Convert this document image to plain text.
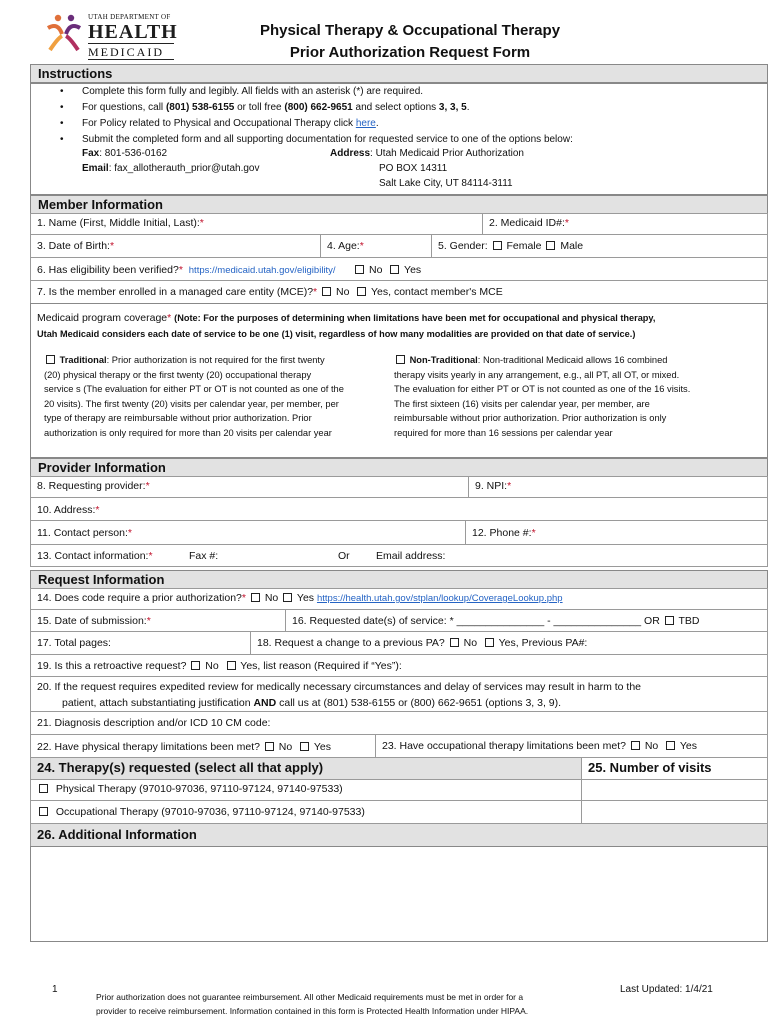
UTAH DEPARTMENT OF
HEALTH
MEDICAID
Physical Therapy & Occupational Therapy
Prior Authorization Request Form
Instructions
Complete this form fully and legibly. All fields with an asterisk (*) are required.
For questions, call (801) 538-6155 or toll free (800) 662-9651 and select options 3, 3, 5.
For Policy related to Physical and Occupational Therapy click here.
Submit the completed form and all supporting documentation for requested service to one of the options below:
Fax: 801-536-0162
Email: fax_allotherauth_prior@utah.gov
Address: Utah Medicaid Prior Authorization
PO BOX 14311
Salt Lake City, UT 84114-3111
Member Information
1. Name (First, Middle Initial, Last):*	2. Medicaid ID#:*
3. Date of Birth:*	4. Age:*	5. Gender: Female Male
6. Has eligibility been verified?* https://medicaid.utah.gov/eligibility/	No Yes
7. Is the member enrolled in a managed care entity (MCE)?* No Yes, contact member's MCE
Medicaid program coverage* (Note: For the purposes of determining when limitations have been met for occupational and physical therapy,
Utah Medicaid considers each date of service to be one (1) visit, regardless of how many modalities are provided on that date of service.)
Traditional: Prior authorization is not required for the first twenty
(20) physical therapy or the first twenty (20) occupational therapy
service s (The evaluation for either PT or OT is not counted as one of the
20 visits). The first twenty (20) visits per calendar year, per member, per
type of therapy are reimbursable without prior authorization. Prior
authorization is only required for more than 20 visits per calendar year
Non-Traditional: Non-traditional Medicaid allows 16 combined
therapy visits yearly in any arrangement, e.g., all PT, all OT, or mixed.
The evaluation for either PT or OT is not counted as one of the 16 visits.
The first sixteen (16) visits per calendar year, per member, are
reimbursable without prior authorization. Prior authorization is only
required for more than 16 sessions per calendar year
Provider Information
8. Requesting provider:*	9. NPI:*
10. Address:*
11. Contact person:*	12. Phone #:*
13. Contact information:*	Fax #:	Or	Email address:
Request Information
14. Does code require a prior authorization?* No Yes https://health.utah.gov/stplan/lookup/CoverageLookup.php
15. Date of submission:*	16. Requested date(s) of service: * _______________ - _______________ OR TBD
17. Total pages:	18. Request a change to a previous PA? No Yes, Previous PA#:
19. Is this a retroactive request? No Yes, list reason (Required if “Yes”):
20. If the request requires expedited review for medically necessary circumstances and delay of services may result in harm to the
patient, attach substantiating justification AND call us at (801) 538-6155 or (800) 662-9651 (options 3, 3, 9).
21. Diagnosis description and/or ICD 10 CM code:
22. Have physical therapy limitations been met? No Yes	23. Have occupational therapy limitations been met? No Yes
24. Therapy(s) requested (select all that apply)	25. Number of visits
Physical Therapy (97010-97036, 97110-97124, 97140-97533)
Occupational Therapy (97010-97036, 97110-97124, 97140-97533)
26. Additional Information
1
Prior authorization does not guarantee reimbursement. All other Medicaid requirements must be met in order for a
provider to receive reimbursement. Information contained in this form is Protected Health Information under HIPAA.
Last Updated: 1/4/21
